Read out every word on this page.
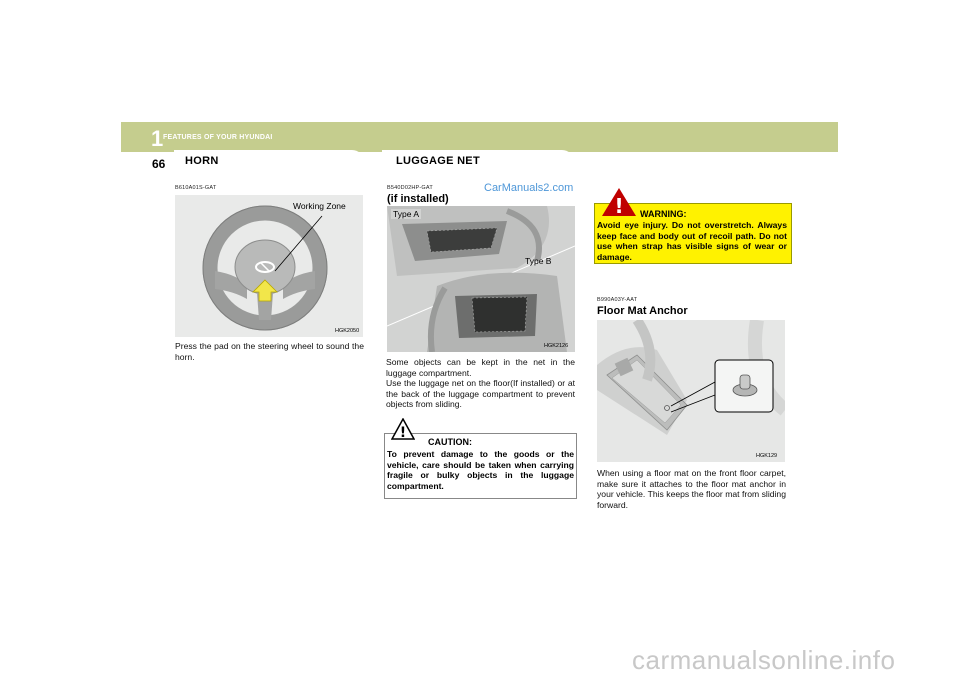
1 FEATURES OF YOUR HYUNDAI
66 HORN	LUGGAGE NET
B610A01S-GAT
Working Zone
HGK2050
Press the pad on the steering wheel to sound the horn.
B540D02HP-GAT
(if installed)
CarManuals2.com
Type A
Type B
HGK2126
Some objects can be kept in the net in the luggage compartment.
Use the luggage net on the floor(If installed) or at the back of the luggage compartment to prevent objects from sliding.
!
CAUTION:
To prevent damage to the goods or the vehicle, care should be taken when carrying fragile or bulky objects in the luggage compartment.
! WARNING:
Avoid eye injury. Do not overstretch. Always keep face and body out of recoil path. Do not use when strap has visible signs of wear or damage.
B990A03Y-AAT
Floor Mat Anchor
HGK129
When using a floor mat on the front floor carpet, make sure it attaches to the floor mat anchor in your vehicle. This keeps the floor mat from sliding forward.
carmanualsonline.info
